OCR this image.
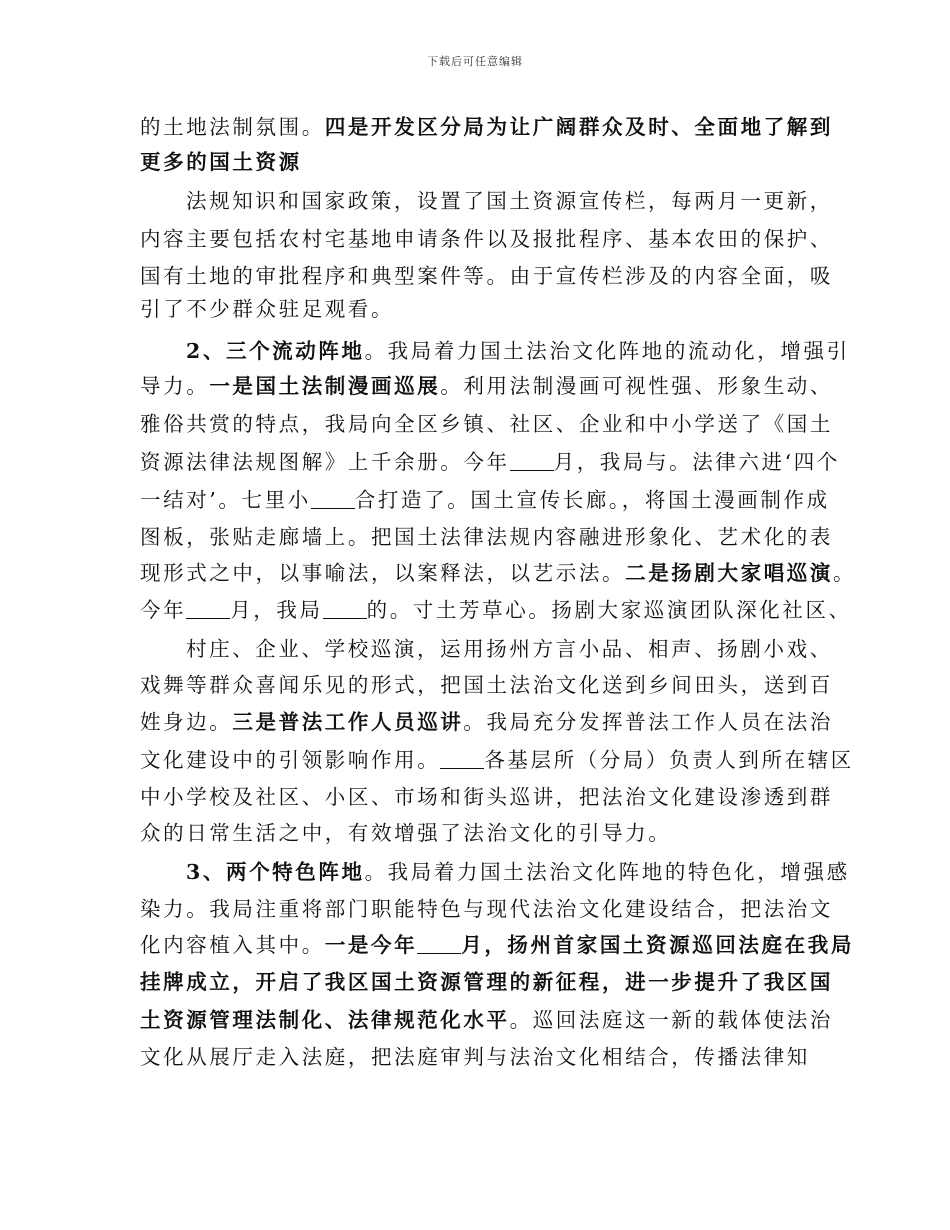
下载后可任意编辑
的土地法制氛围。四是开发区分局为让广阔群众及时、全面地了解到
更多的国土资源
法规知识和国家政策，设置了国土资源宣传栏，每两月一更新，
内容主要包括农村宅基地申请条件以及报批程序、基本农田的保护、
国有土地的审批程序和典型案件等。由于宣传栏涉及的内容全面，吸
引了不少群众驻足观看。
2、三个流动阵地。我局着力国土法治文化阵地的流动化，增强引
导力。一是国土法制漫画巡展。利用法制漫画可视性强、形象生动、
雅俗共赏的特点，我局向全区乡镇、社区、企业和中小学送了《国土
资源法律法规图解》上千余册。今年 月，我局与。法律六进‘四个
一结对’。七里小 合打造了。国土宣传长廊。，将国土漫画制作成
图板，张贴走廊墙上。把国土法律法规内容融进形象化、艺术化的表
现形式之中，以事喻法，以案释法，以艺示法。二是扬剧大家唱巡演。
今年 月，我局 的。寸土芳草心。扬剧大家巡演团队深化社区、
村庄、企业、学校巡演，运用扬州方言小品、相声、扬剧小戏、
戏舞等群众喜闻乐见的形式，把国土法治文化送到乡间田头，送到百
姓身边。三是普法工作人员巡讲。我局充分发挥普法工作人员在法治
文化建设中的引领影响作用。 各基层所（分局）负责人到所在辖区
中小学校及社区、小区、市场和街头巡讲，把法治文化建设渗透到群
众的日常生活之中，有效增强了法治文化的引导力。
3、两个特色阵地。我局着力国土法治文化阵地的特色化，增强感
染力。我局注重将部门职能特色与现代法治文化建设结合，把法治文
化内容植入其中。一是今年 月，扬州首家国土资源巡回法庭在我局
挂牌成立，开启了我区国土资源管理的新征程，进一步提升了我区国
土资源管理法制化、法律规范化水平。巡回法庭这一新的载体使法治
文化从展厅走入法庭，把法庭审判与法治文化相结合，传播法律知
